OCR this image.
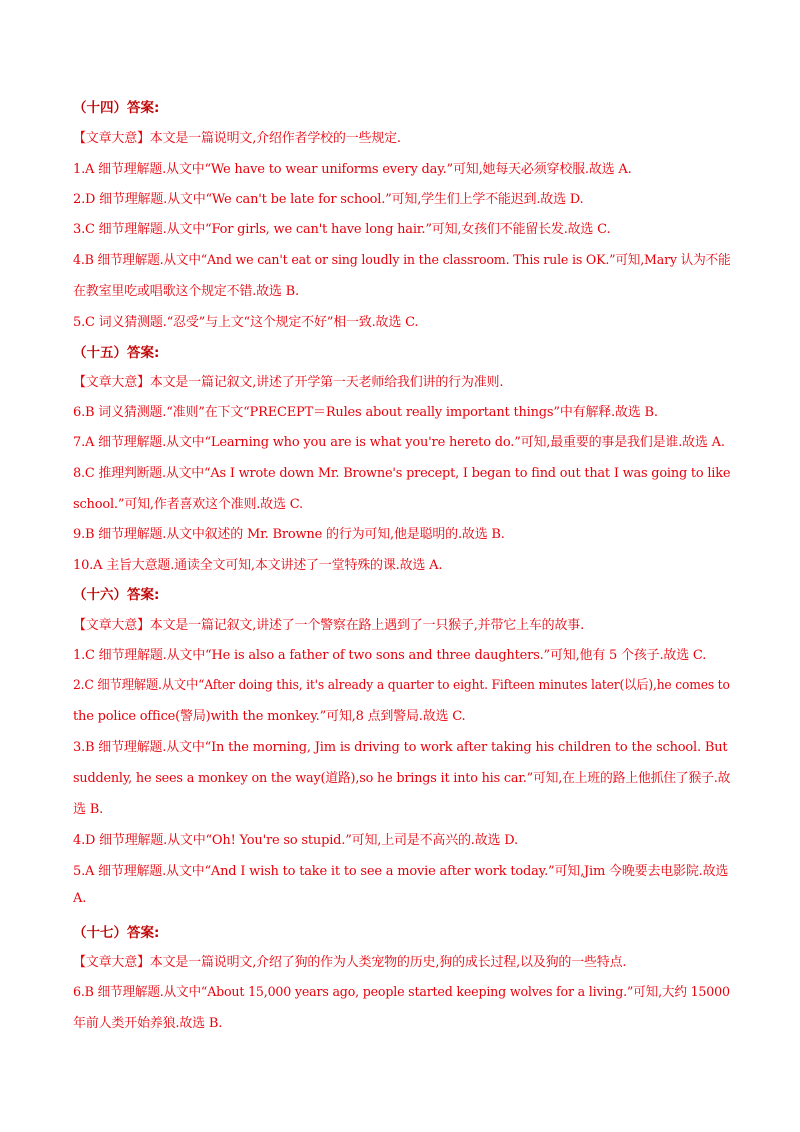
（十四）答案:
【文章大意】本文是一篇说明文,介绍作者学校的一些规定.
1.A 细节理解题.从文中“We have to wear uniforms every day.”可知,她每天必须穿校服.故选 A.
2.D 细节理解题.从文中“We can't be late for school.”可知,学生们上学不能迟到.故选 D.
3.C 细节理解题.从文中“For girls, we can't have long hair.”可知,女孩们不能留长发.故选 C.
4.B 细节理解题.从文中“And we can't eat or sing loudly in the classroom. This rule is OK.”可知,Mary 认为不能
在教室里吃或唱歌这个规定不错.故选 B.
5.C 词义猜测题.“忍受”与上文“这个规定不好”相一致.故选 C.
（十五）答案:
【文章大意】本文是一篇记叙文,讲述了开学第一天老师给我们讲的行为准则.
6.B 词义猜测题.“准则”在下文“PRECEPT＝Rules about really important things”中有解释.故选 B.
7.A 细节理解题.从文中“Learning who you are is what you're hereto do.”可知,最重要的事是我们是谁.故选 A.
8.C 推理判断题.从文中“As I wrote down Mr. Browne's precept, I began to find out that I was going to like
school.”可知,作者喜欢这个准则.故选 C.
9.B 细节理解题.从文中叙述的 Mr. Browne 的行为可知,他是聪明的.故选 B.
10.A 主旨大意题.通读全文可知,本文讲述了一堂特殊的课.故选 A.
（十六）答案:
【文章大意】本文是一篇记叙文,讲述了一个警察在路上遇到了一只猴子,并带它上车的故事.
1.C 细节理解题.从文中“He is also a father of two sons and three daughters.”可知,他有 5 个孩子.故选 C.
2.C 细节理解题.从文中“After doing this, it's already a quarter to eight. Fifteen minutes later(以后),he comes to
the police office(警局)with the monkey.”可知,8 点到警局.故选 C.
3.B 细节理解题.从文中“In the morning, Jim is driving to work after taking his children to the school. But
suddenly, he sees a monkey on the way(道路),so he brings it into his car.”可知,在上班的路上他抓住了猴子.故
选 B.
4.D 细节理解题.从文中“Oh! You're so stupid.”可知,上司是不高兴的.故选 D.
5.A 细节理解题.从文中“And I wish to take it to see a movie after work today.”可知,Jim 今晚要去电影院.故选
A.
（十七）答案:
【文章大意】本文是一篇说明文,介绍了狗的作为人类宠物的历史,狗的成长过程,以及狗的一些特点.
6.B 细节理解题.从文中“About 15,000 years ago, people started keeping wolves for a living.”可知,大约 15000
年前人类开始养狼.故选 B.
